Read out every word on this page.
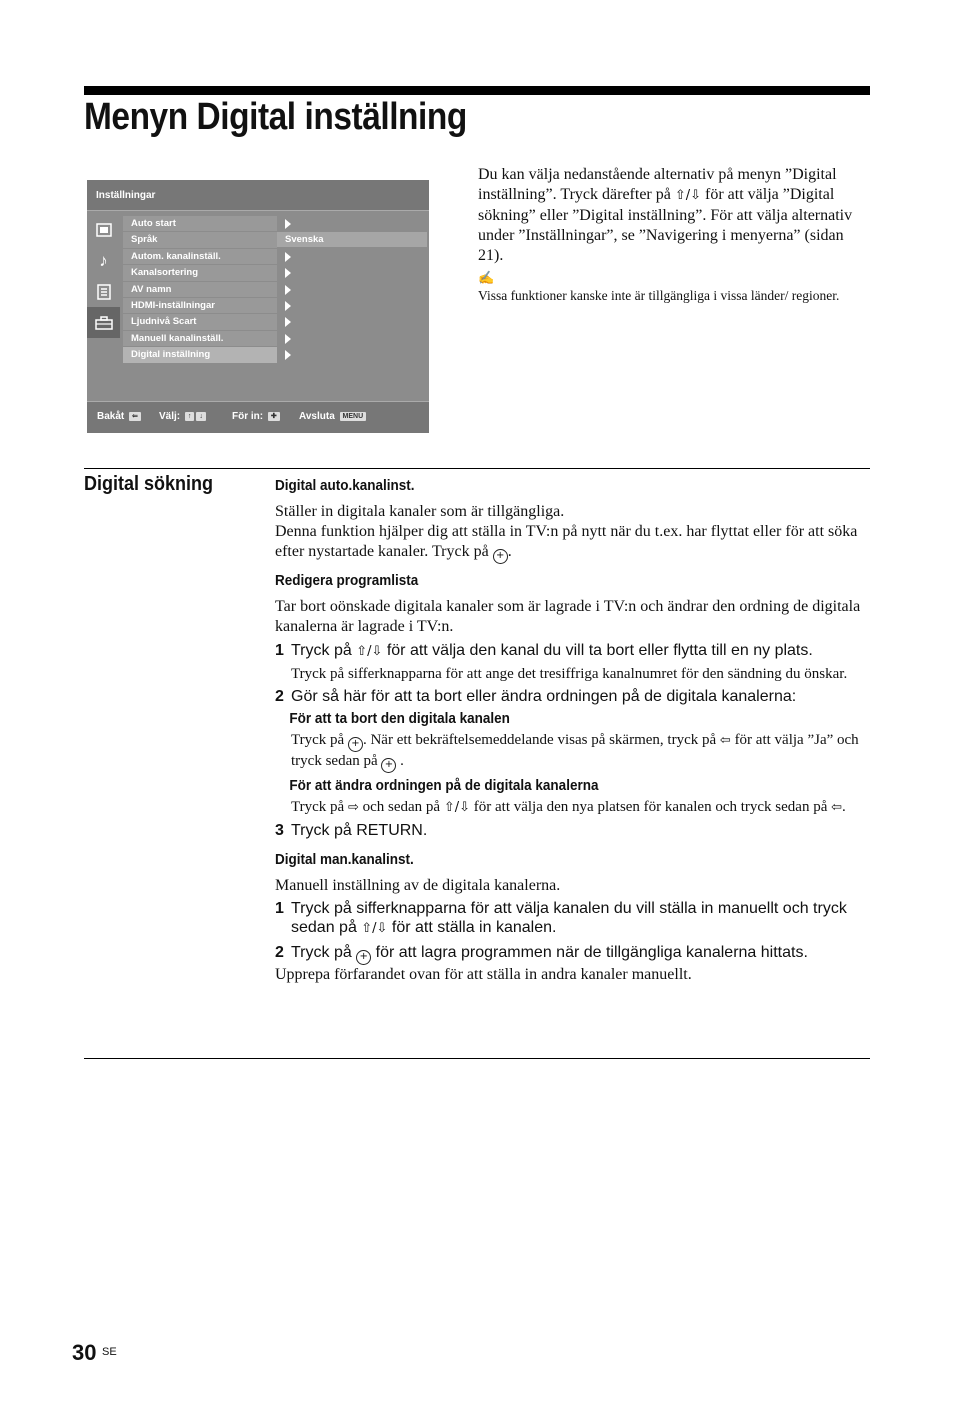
Menyn Digital inställning
Inställningar
♪
Auto start
Språk
Autom. kanalinställ.
Kanalsortering
AV namn
HDMI-inställningar
Ljudnivå Scart
Manuell kanalinställ.
Digital inställning
Svenska
Bakåt ⇐	Välj: ↑ ↓	För in: ✚	Avsluta MENU
Du kan välja nedanstående alternativ på menyn ”Digital inställning”. Tryck därefter på ⇧/⇩ för att välja ”Digital sökning” eller ”Digital inställning”. För att välja alternativ under ”Inställningar”, se ”Navigering i menyerna” (sidan 21).
✍
Vissa funktioner kanske inte är tillgängliga i vissa länder/ regioner.
Digital sökning	Digital auto.kanalinst.

Ställer in digitala kanaler som är tillgängliga.

Denna funktion hjälper dig att ställa in TV:n på nytt när du t.ex. har flyttat eller för att söka efter nystartade kanaler. Tryck på + .

Redigera programlista

Tar bort oönskade digitala kanaler som är lagrade i TV:n och ändrar den ordning de digitala kanalerna är lagrade i TV:n.

1 Tryck på ⇧/⇩ för att välja den kanal du vill ta bort eller flytta till en ny plats.
Tryck på sifferknapparna för att ange det tresiffriga kanalnumret för den sändning du önskar.
2 Gör så här för att ta bort eller ändra ordningen på de digitala kanalerna:
För att ta bort den digitala kanalen
Tryck på + . När ett bekräftelsemeddelande visas på skärmen, tryck på ⇦ för att välja ”Ja” och tryck sedan på + .
För att ändra ordningen på de digitala kanalerna
Tryck på ⇨ och sedan på ⇧/⇩ för att välja den nya platsen för kanalen och tryck sedan på ⇦.
3 Tryck på RETURN.
Digital man.kanalinst.

Manuell inställning av de digitala kanalerna.

1 Tryck på sifferknapparna för att välja kanalen du vill ställa in manuellt och tryck sedan på ⇧/⇩ för att ställa in kanalen.
2 Tryck på + för att lagra programmen när de tillgängliga kanalerna hittats.

Upprepa förfarandet ovan för att ställa in andra kanaler manuellt.

30 SE
